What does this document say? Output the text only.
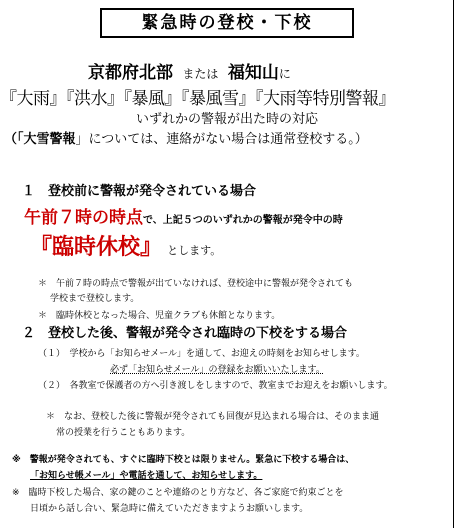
緊急時の登校・下校
京都府北部 または 福知山に
『大雨』『洪水』『暴風』『暴風雪』『大雨等特別警報』
いずれかの警報が出た時の対応
（「大雪警報」については、連絡がない場合は通常登校する。）
１　登校前に警報が発令されている場合
午前７時の時点で、上記５つのいずれかの警報が発令中の時
『臨時休校』 とします。
＊　午前７時の時点で警報が出ていなければ、登校途中に警報が発令されても
学校まで登校します。
＊　臨時休校となった場合、児童クラブも休館となります。
２　登校した後、警報が発令され臨時の下校をする場合
（１）　学校から「お知らせメール」を通して、お迎えの時刻をお知らせします。
必ず「お知らせメール」の登録をお願いいたします。
（２）　各教室で保護者の方へ引き渡しをしますので、教室までお迎えをお願いします。
＊　なお、登校した後に警報が発令されても回復が見込まれる場合は、そのまま通
常の授業を行うこともあります。
※　警報が発令されても、すぐに臨時下校とは限りません。緊急に下校する場合は、
「お知らせ帳メール」や電話を通して、お知らせします。
※　臨時下校した場合、家の鍵のことや連絡のとり方など、各ご家庭で約束ごとを
日頃から話し合い、緊急時に備えていただきますようお願いします。
